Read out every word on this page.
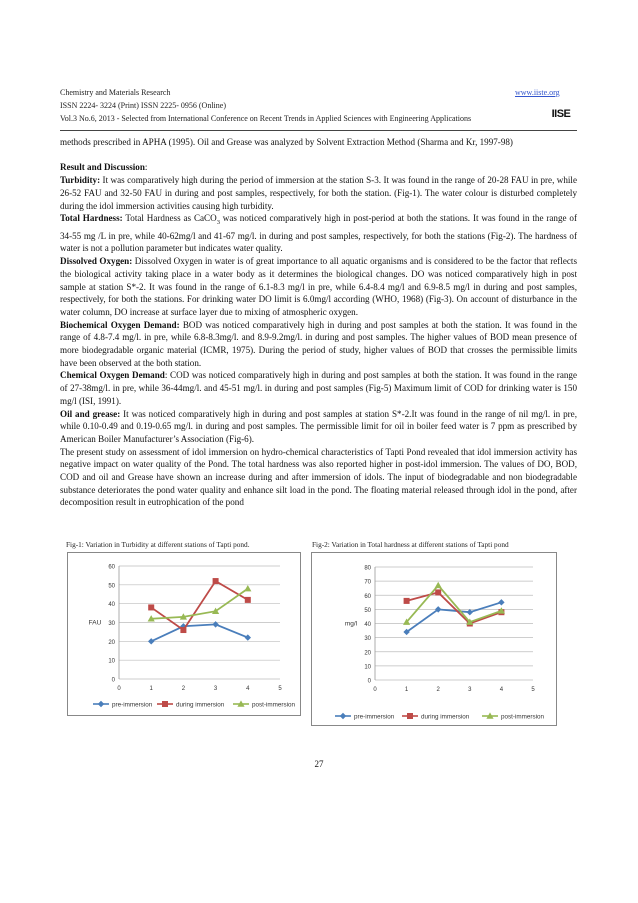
Chemistry and Materials Research	www.iiste.org
ISSN 2224- 3224 (Print) ISSN 2225- 0956 (Online)
Vol.3 No.6, 2013 - Selected from International Conference on Recent Trends in Applied Sciences with Engineering Applications	IISE

methods prescribed in APHA (1995). Oil and Grease was analyzed by Solvent Extraction Method (Sharma and Kr, 1997-98)

Result and Discussion:

Turbidity: It was comparatively high during the period of immersion at the station S-3. It was found in the range of 20-28 FAU in pre, while 26-52 FAU and 32-50 FAU in during and post samples, respectively, for both the station. (Fig-1). The water colour is disturbed completely during the idol immersion activities causing high turbidity.

Total Hardness: Total Hardness as CaCO$_3$ was noticed comparatively high in post-period at both the stations. It was found in the range of 34-55 mg /L in pre, while 40-62mg/l and 41-67 mg/l. in during and post samples, respectively, for both the stations (Fig-2). The hardness of water is not a pollution parameter but indicates water quality.

Dissolved Oxygen: Dissolved Oxygen in water is of great importance to all aquatic organisms and is considered to be the factor that reflects the biological activity taking place in a water body as it determines the biological changes. DO was noticed comparatively high in post sample at station S*-2. It was found in the range of 6.1-8.3 mg/l in pre, while 6.4-8.4 mg/l and 6.9-8.5 mg/l in during and post samples, respectively, for both the stations. For drinking water DO limit is 6.0mg/l according (WHO, 1968) (Fig-3). On account of disturbance in the water column, DO increase at surface layer due to mixing of atmospheric oxygen.

Biochemical Oxygen Demand: BOD was noticed comparatively high in during and post samples at both the station. It was found in the range of 4.8-7.4 mg/l. in pre, while 6.8-8.3mg/l. and 8.9-9.2mg/l. in during and post samples. The higher values of BOD mean presence of more biodegradable organic material (ICMR, 1975). During the period of study, higher values of BOD that crosses the permissible limits have been observed at the both station.

Chemical Oxygen Demand: COD was noticed comparatively high in during and post samples at both the station. It was found in the range of 27-38mg/l. in pre, while 36-44mg/l. and 45-51 mg/l. in during and post samples (Fig-5) Maximum limit of COD for drinking water is 150 mg/l (ISI, 1991).

Oil and grease: It was noticed comparatively high in during and post samples at station S*-2.It was found in the range of nil mg/l. in pre, while 0.10-0.49 and 0.19-0.65 mg/l. in during and post samples. The permissible limit for oil in boiler feed water is 7 ppm as prescribed by American Boiler Manufacturer’s Association (Fig-6).

The present study on assessment of idol immersion on hydro-chemical characteristics of Tapti Pond revealed that idol immersion activity has negative impact on water quality of the Pond. The total hardness was also reported higher in post-idol immersion. The values of DO, BOD, COD and oil and Grease have shown an increase during and after immersion of idols. The input of biodegradable and non biodegradable substance deteriorates the pond water quality and enhance silt load in the pond. The floating material released through idol in the pond, after decomposition result in eutrophication of the pond

Fig-1: Variation in Turbidity at different stations of Tapti pond.	Fig-2: Variation in Total hardness at different stations of Tapti pond
0
10
20
30
40
50
60
0	1	2	3	4	5
FAU
pre-immersion	during immersion	post-immersion
0
10
20
30
40
50
60
70
80
0	1	2	3	4	5
mg/l
pre-immersion	during immersion	post-immersion
27
